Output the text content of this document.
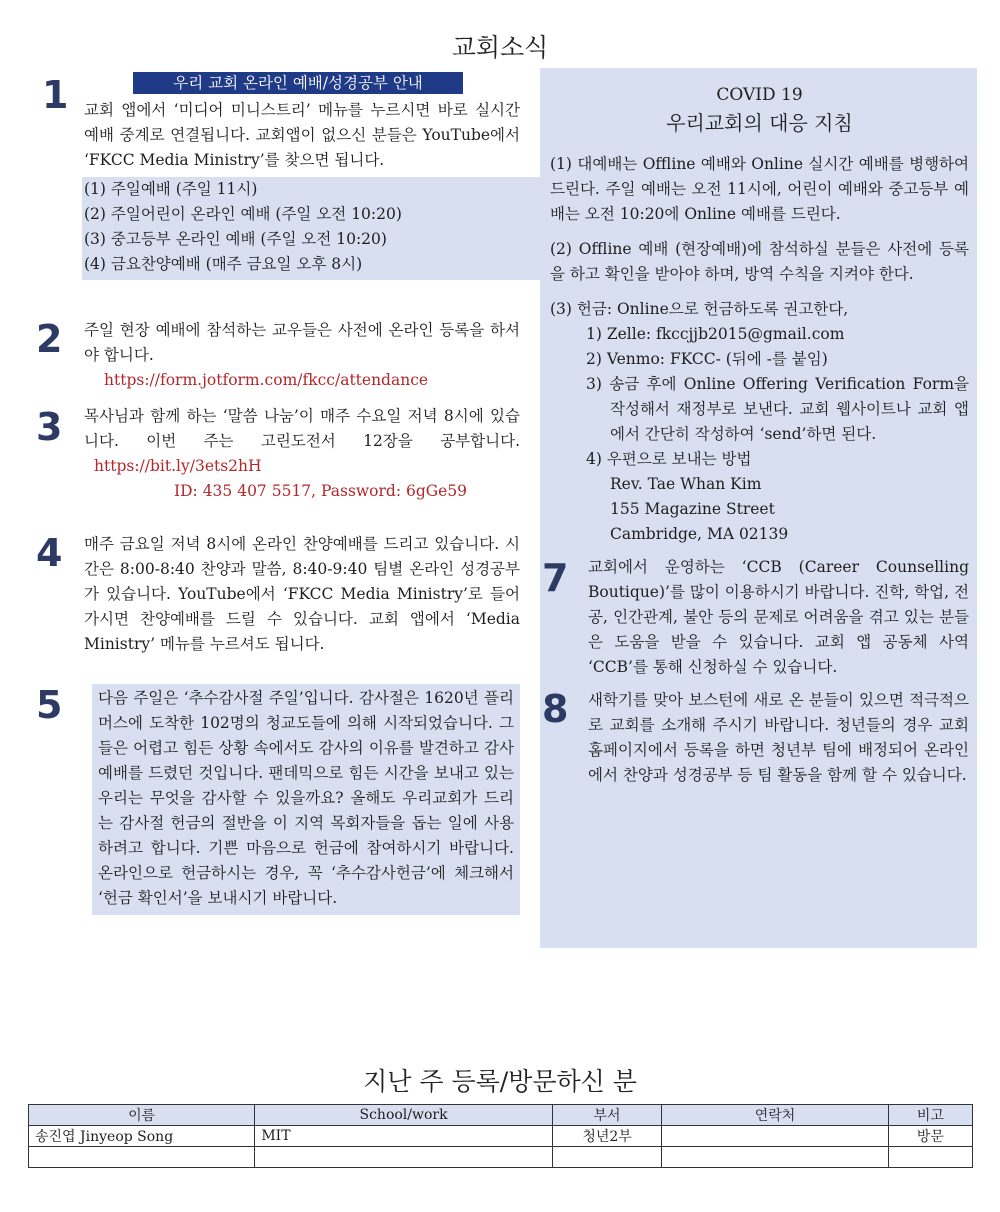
교회소식
1	우리 교회 온라인 예배/성경공부 안내

교회 앱에서 ‘미디어 미니스트리’ 메뉴를 누르시면 바로 실시간 예배 중계로 연결됩니다. 교회앱이 없으신 분들은 YouTube에서 ‘FKCC Media Ministry’를 찾으면 됩니다.

(1) 주일예배 (주일 11시)
(2) 주일어린이 온라인 예배 (주일 오전 10:20)
(3) 중고등부 온라인 예배 (주일 오전 10:20)
(4) 금요찬양예배 (매주 금요일 오후 8시)
2 주일 현장 예배에 참석하는 교우들은 사전에 온라인 등록을 하셔야 합니다.

https://form.jotform.com/fkcc/attendance
3 목사님과 함께 하는 ‘말씀 나눔’이 매주 수요일 저녁 8시에 있습니다. 이번 주는 고린도전서 12장을 공부합니다. https://bit.ly/3ets2hH

ID: 435 407 5517, Password: 6gGe59
4 매주 금요일 저녁 8시에 온라인 찬양예배를 드리고 있습니다. 시간은 8:00-8:40 찬양과 말씀, 8:40-9:40 팀별 온라인 성경공부가 있습니다. YouTube에서 ‘FKCC Media Ministry’로 들어가시면 찬양예배를 드릴 수 있습니다. 교회 앱에서 ‘Media Ministry’ 메뉴를 누르셔도 됩니다.

5 다음 주일은 ‘추수감사절 주일’입니다. 감사절은 1620년 플리머스에 도착한 102명의 청교도들에 의해 시작되었습니다. 그들은 어렵고 힘든 상황 속에서도 감사의 이유를 발견하고 감사 예배를 드렸던 것입니다. 팬데믹으로 힘든 시간을 보내고 있는 우리는 무엇을 감사할 수 있을까요? 올해도 우리교회가 드리는 감사절 헌금의 절반을 이 지역 목회자들을 돕는 일에 사용하려고 합니다. 기쁜 마음으로 헌금에 참여하시기 바랍니다. 온라인으로 헌금하시는 경우, 꼭 ‘추수감사헌금’에 체크해서 ‘헌금 확인서’을 보내시기 바랍니다.

COVID 19
우리교회의 대응 지침

(1) 대예배는 Offline 예배와 Online 실시간 예배를 병행하여 드린다. 주일 예배는 오전 11시에, 어린이 예배와 중고등부 예배는 오전 10:20에 Online 예배를 드린다.

(2) Offline 예배 (현장예배)에 참석하실 분들은 사전에 등록을 하고 확인을 받아야 하며, 방역 수칙을 지켜야 한다.

(3) 헌금: Online으로 헌금하도록 권고한다,

1) Zelle: fkccjjb2015@gmail.com
2) Venmo: FKCC- (뒤에 -를 붙임)
3) 송금 후에 Online Offering Verification Form을 작성해서 재정부로 보낸다. 교회 웹사이트나 교회 앱에서 간단히 작성하여 ‘send’하면 된다.
4) 우편으로 보내는 방법
Rev. Tae Whan Kim
155 Magazine Street
Cambridge, MA 02139
7 교회에서 운영하는 ‘CCB (Career Counselling Boutique)’를 많이 이용하시기 바랍니다. 진학, 학업, 전공, 인간관계, 불안 등의 문제로 어려움을 겪고 있는 분들은 도움을 받을 수 있습니다. 교회 앱 공동체 사역 ‘CCB’를 통해 신청하실 수 있습니다.

8 새학기를 맞아 보스턴에 새로 온 분들이 있으면 적극적으로 교회를 소개해 주시기 바랍니다. 청년들의 경우 교회 홈페이지에서 등록을 하면 청년부 팀에 배정되어 온라인에서 찬양과 성경공부 등 팀 활동을 함께 할 수 있습니다.

지난 주 등록/방문하신 분
이름	School/work	부서	연락처	비고
송진엽 Jinyeop Song	MIT	청년2부		방문
